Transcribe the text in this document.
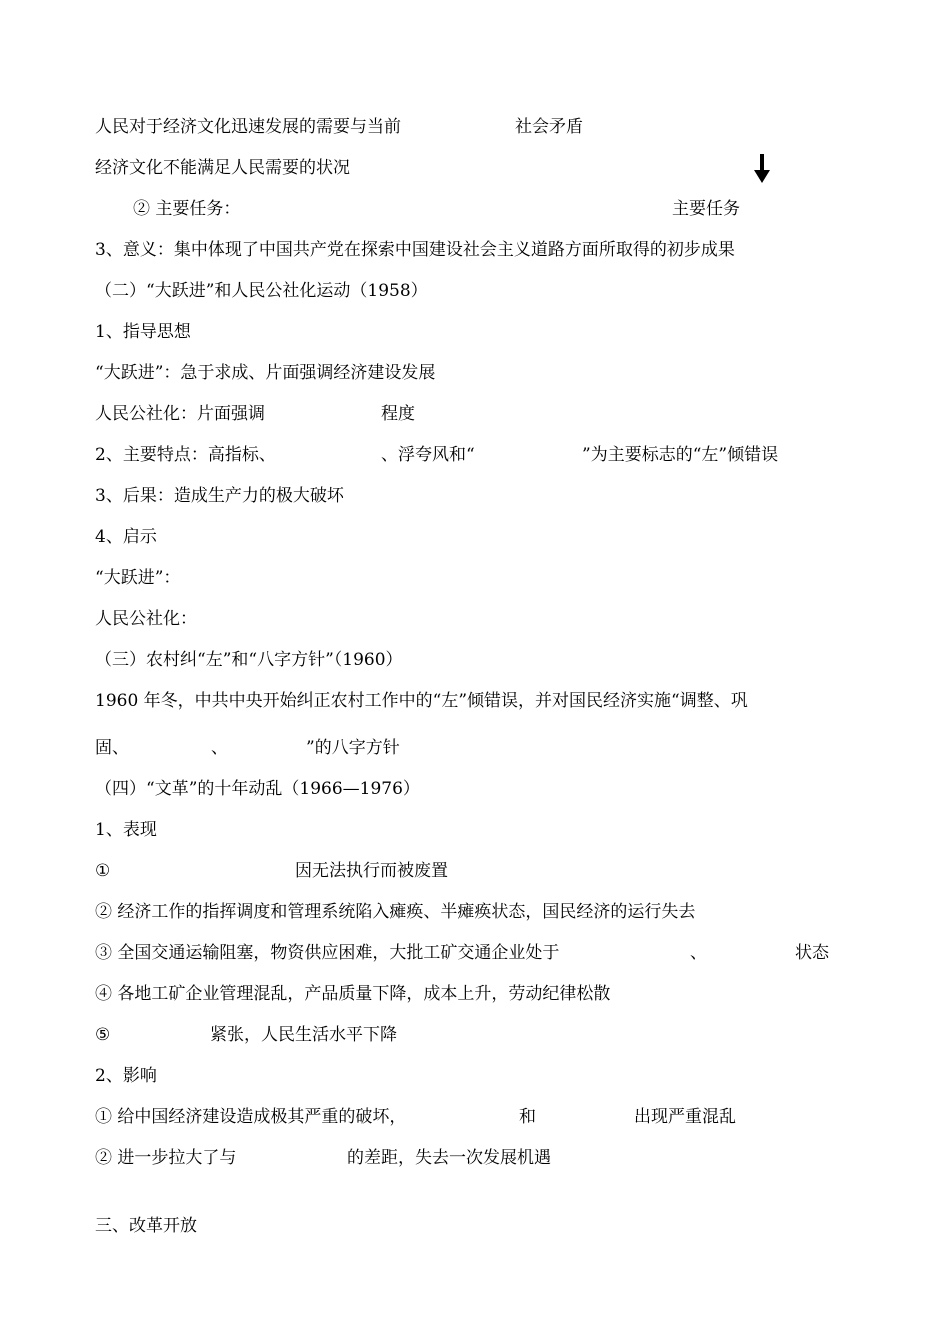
人民对于经济文化迅速发展的需要与当前	社会矛盾
经济文化不能满足人民需要的状况
② 主要任务：	主要任务
3、意义：集中体现了中国共产党在探索中国建设社会主义道路方面所取得的初步成果
（二）“大跃进”和人民公社化运动（1958）
1、指导思想
“大跃进”：急于求成、片面强调经济建设发展
人民公社化：片面强调	程度
2、主要特点：高指标、	、浮夸风和“	”为主要标志的“左”倾错误
3、后果：造成生产力的极大破坏
4、启示
“大跃进”：
人民公社化：
（三）农村纠“左”和“八字方针”（1960）
1960 年冬，中共中央开始纠正农村工作中的“左”倾错误，并对国民经济实施“调整、巩
固、	、	”的八字方针
（四）“文革”的十年动乱（1966—1976）
1、表现
①	因无法执行而被废置
② 经济工作的指挥调度和管理系统陷入瘫痪、半瘫痪状态，国民经济的运行失去
③ 全国交通运输阻塞，物资供应困难，大批工矿交通企业处于	、	状态
④ 各地工矿企业管理混乱，产品质量下降，成本上升，劳动纪律松散
⑤	紧张，人民生活水平下降
2、影响
① 给中国经济建设造成极其严重的破坏，	和	出现严重混乱
② 进一步拉大了与	的差距，失去一次发展机遇
三、改革开放
